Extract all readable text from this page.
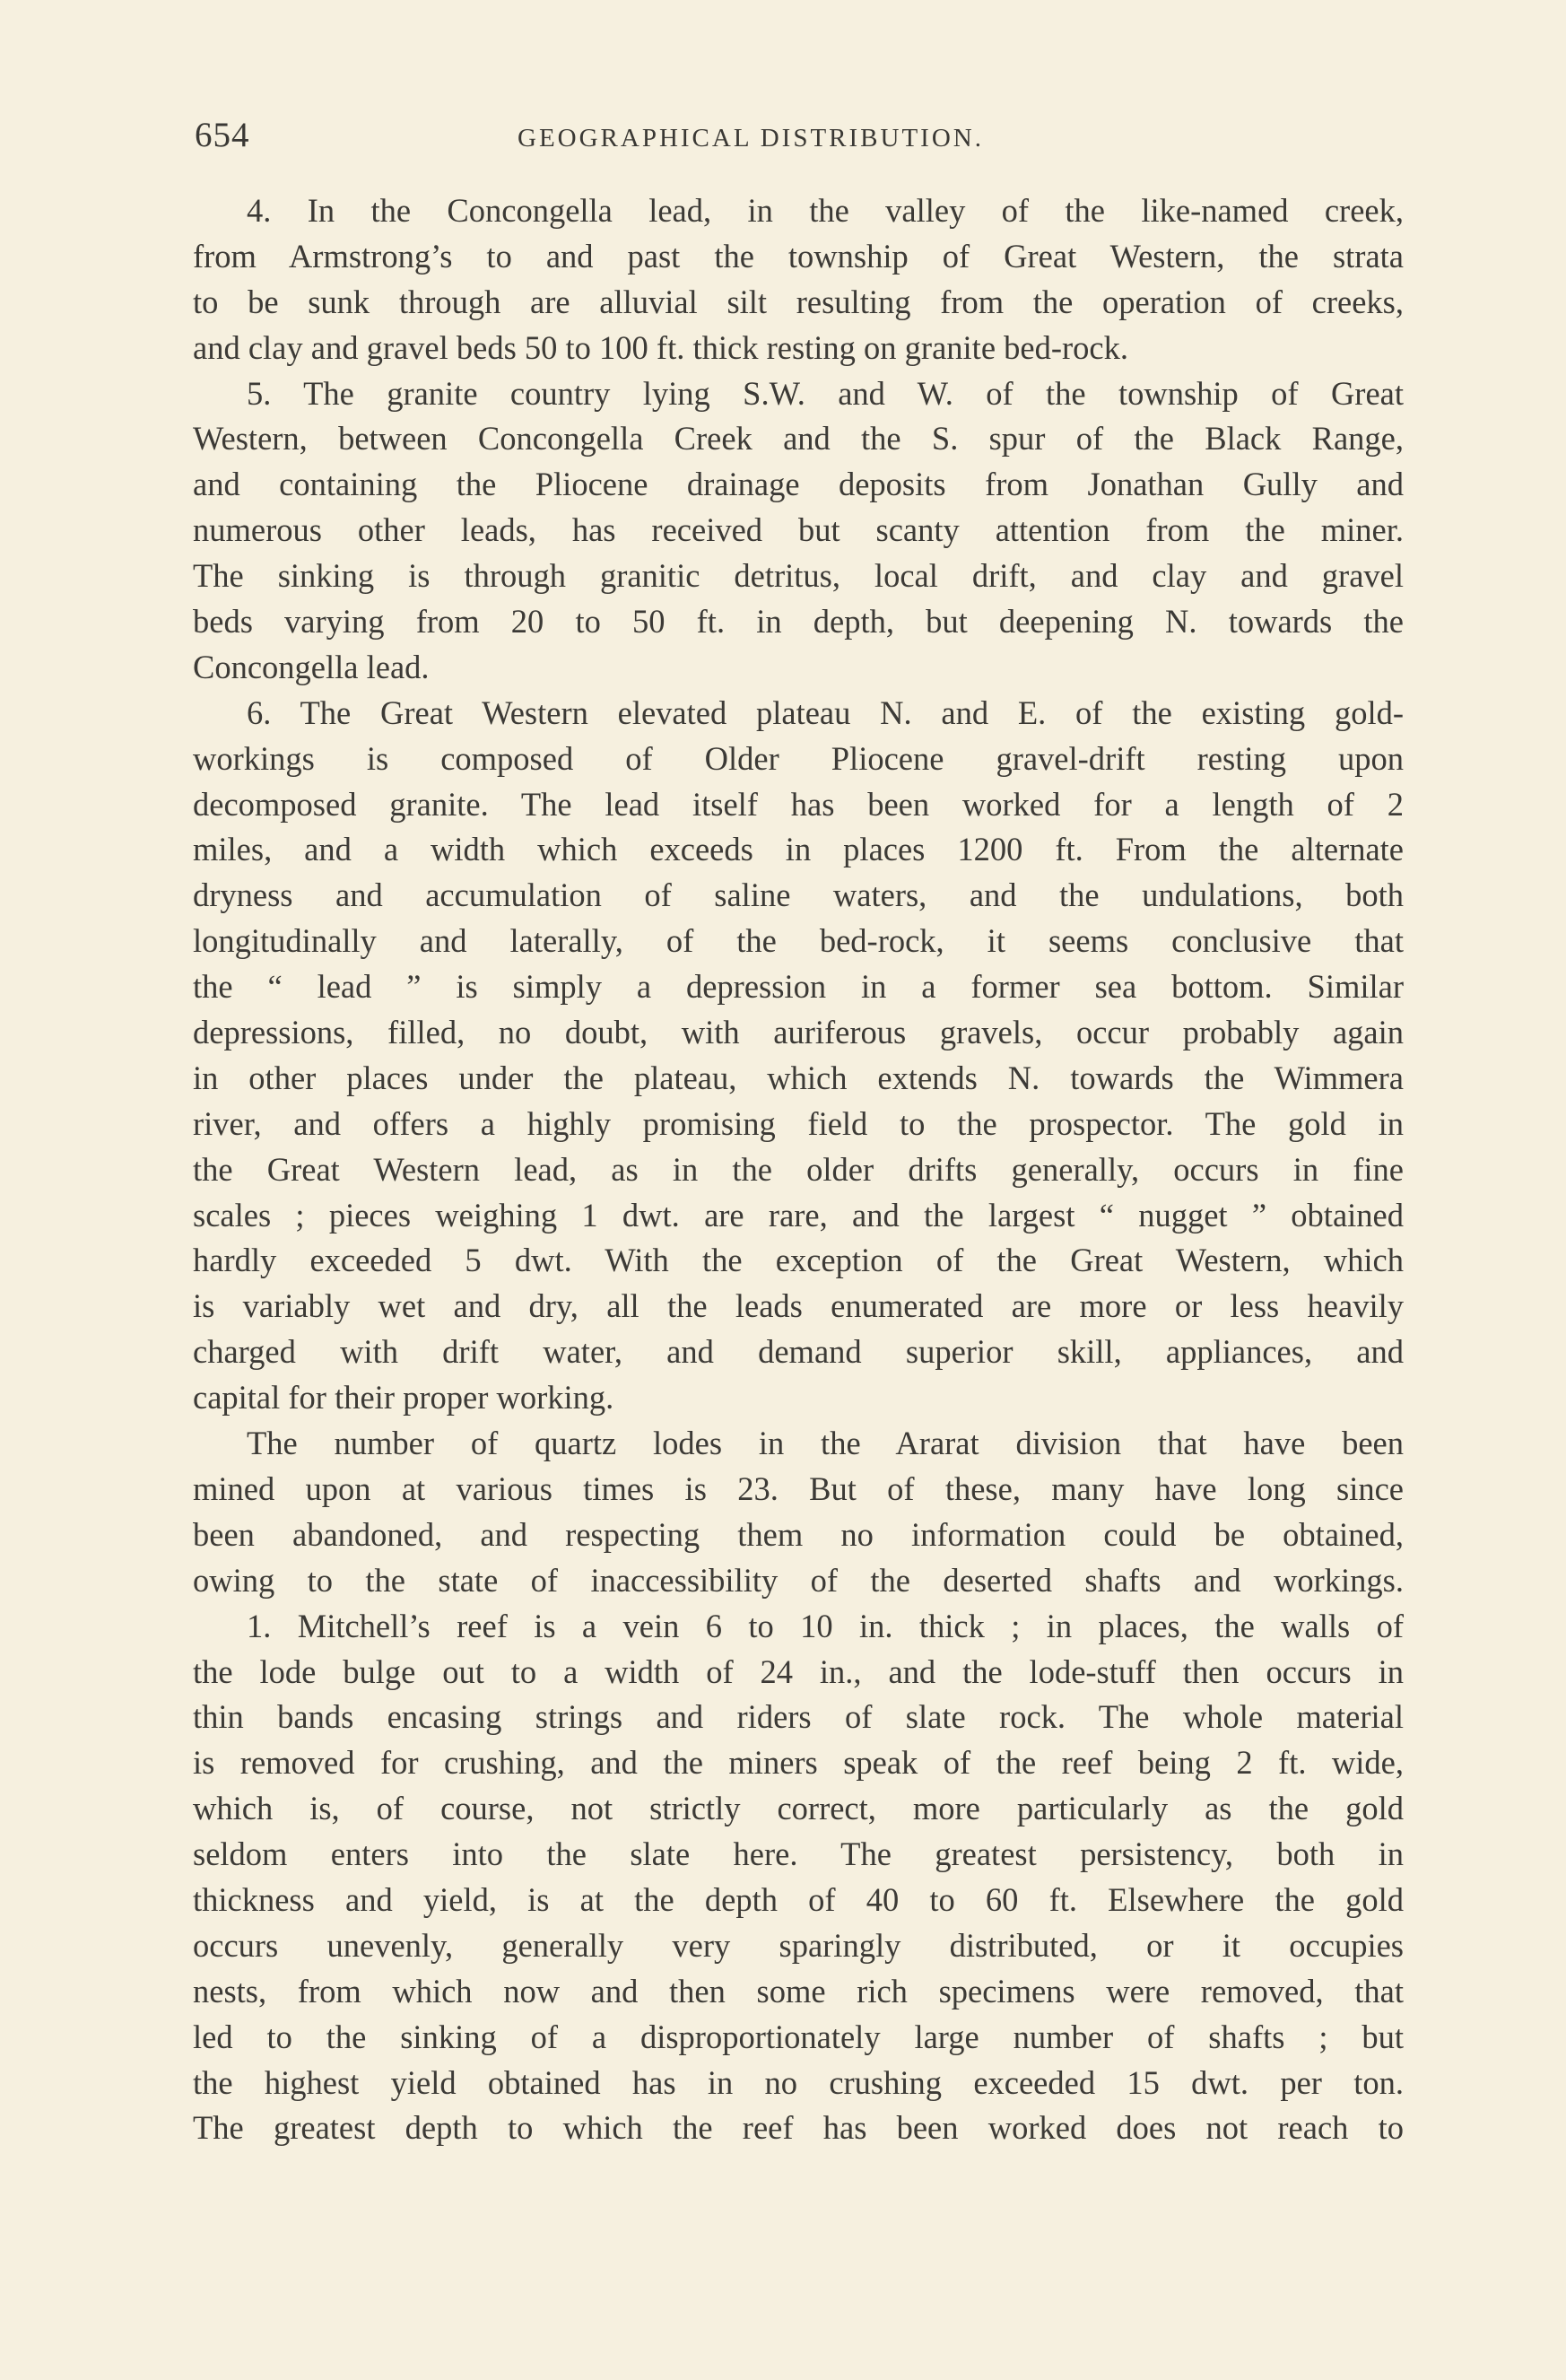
654	GEOGRAPHICAL DISTRIBUTION.
4. In the Concongella lead, in the valley of the like-named creek,
from Armstrong’s to and past the township of Great Western, the strata
to be sunk through are alluvial silt resulting from the operation of creeks,
and clay and gravel beds 50 to 100 ft. thick resting on granite bed-rock.
5. The granite country lying S.W. and W. of the township of Great
Western, between Concongella Creek and the S. spur of the Black Range,
and containing the Pliocene drainage deposits from Jonathan Gully and
numerous other leads, has received but scanty attention from the miner.
The sinking is through granitic detritus, local drift, and clay and gravel
beds varying from 20 to 50 ft. in depth, but deepening N. towards the
Concongella lead.
6. The Great Western elevated plateau N. and E. of the existing gold-
workings is composed of Older Pliocene gravel-drift resting upon
decomposed granite. The lead itself has been worked for a length of 2
miles, and a width which exceeds in places 1200 ft. From the alternate
dryness and accumulation of saline waters, and the undulations, both
longitudinally and laterally, of the bed-rock, it seems conclusive that
the “ lead ” is simply a depression in a former sea bottom. Similar
depressions, filled, no doubt, with auriferous gravels, occur probably again
in other places under the plateau, which extends N. towards the Wimmera
river, and offers a highly promising field to the prospector. The gold in
the Great Western lead, as in the older drifts generally, occurs in fine
scales ; pieces weighing 1 dwt. are rare, and the largest “ nugget ” obtained
hardly exceeded 5 dwt. With the exception of the Great Western, which
is variably wet and dry, all the leads enumerated are more or less heavily
charged with drift water, and demand superior skill, appliances, and
capital for their proper working.
The number of quartz lodes in the Ararat division that have been
mined upon at various times is 23. But of these, many have long since
been abandoned, and respecting them no information could be obtained,
owing to the state of inaccessibility of the deserted shafts and workings.
1. Mitchell’s reef is a vein 6 to 10 in. thick ; in places, the walls of
the lode bulge out to a width of 24 in., and the lode-stuff then occurs in
thin bands encasing strings and riders of slate rock. The whole material
is removed for crushing, and the miners speak of the reef being 2 ft. wide,
which is, of course, not strictly correct, more particularly as the gold
seldom enters into the slate here. The greatest persistency, both in
thickness and yield, is at the depth of 40 to 60 ft. Elsewhere the gold
occurs unevenly, generally very sparingly distributed, or it occupies
nests, from which now and then some rich specimens were removed, that
led to the sinking of a disproportionately large number of shafts ; but
the highest yield obtained has in no crushing exceeded 15 dwt. per ton.
The greatest depth to which the reef has been worked does not reach to
